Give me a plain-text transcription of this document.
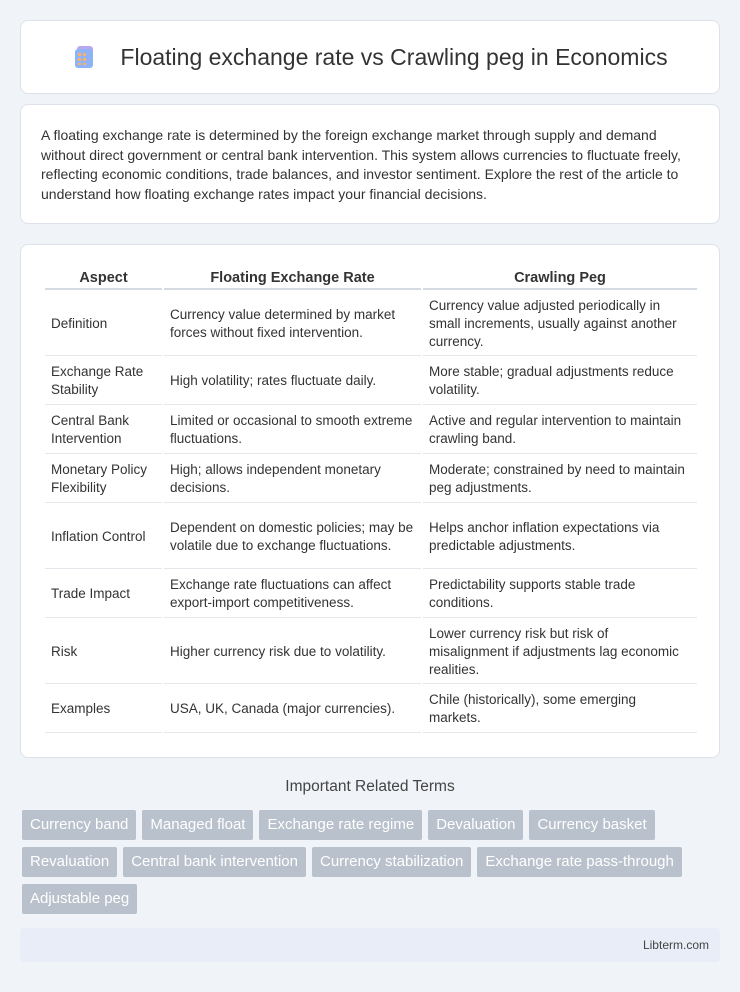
Floating exchange rate vs Crawling peg in Economics

A floating exchange rate is determined by the foreign exchange market through supply and demand without direct government or central bank intervention. This system allows currencies to fluctuate freely, reflecting economic conditions, trade balances, and investor sentiment. Explore the rest of the article to understand how floating exchange rates impact your financial decisions.

Aspect	Floating Exchange Rate	Crawling Peg
Definition	Currency value determined by market forces without fixed intervention.	Currency value adjusted periodically in small increments, usually against another currency.
Exchange Rate Stability	High volatility; rates fluctuate daily.	More stable; gradual adjustments reduce volatility.
Central Bank Intervention	Limited or occasional to smooth extreme fluctuations.	Active and regular intervention to maintain crawling band.
Monetary Policy Flexibility	High; allows independent monetary decisions.	Moderate; constrained by need to maintain peg adjustments.
Inflation Control	Dependent on domestic policies; may be volatile due to exchange fluctuations.	Helps anchor inflation expectations via predictable adjustments.
Trade Impact	Exchange rate fluctuations can affect export-import competitiveness.	Predictability supports stable trade conditions.
Risk	Higher currency risk due to volatility.	Lower currency risk but risk of misalignment if adjustments lag economic realities.
Examples	USA, UK, Canada (major currencies).	Chile (historically), some emerging markets.
Important Related Terms
Currency band	Managed float	Exchange rate regime	Devaluation	Currency basket
Revaluation	Central bank intervention	Currency stabilization	Exchange rate pass-through
Adjustable peg
Libterm.com
